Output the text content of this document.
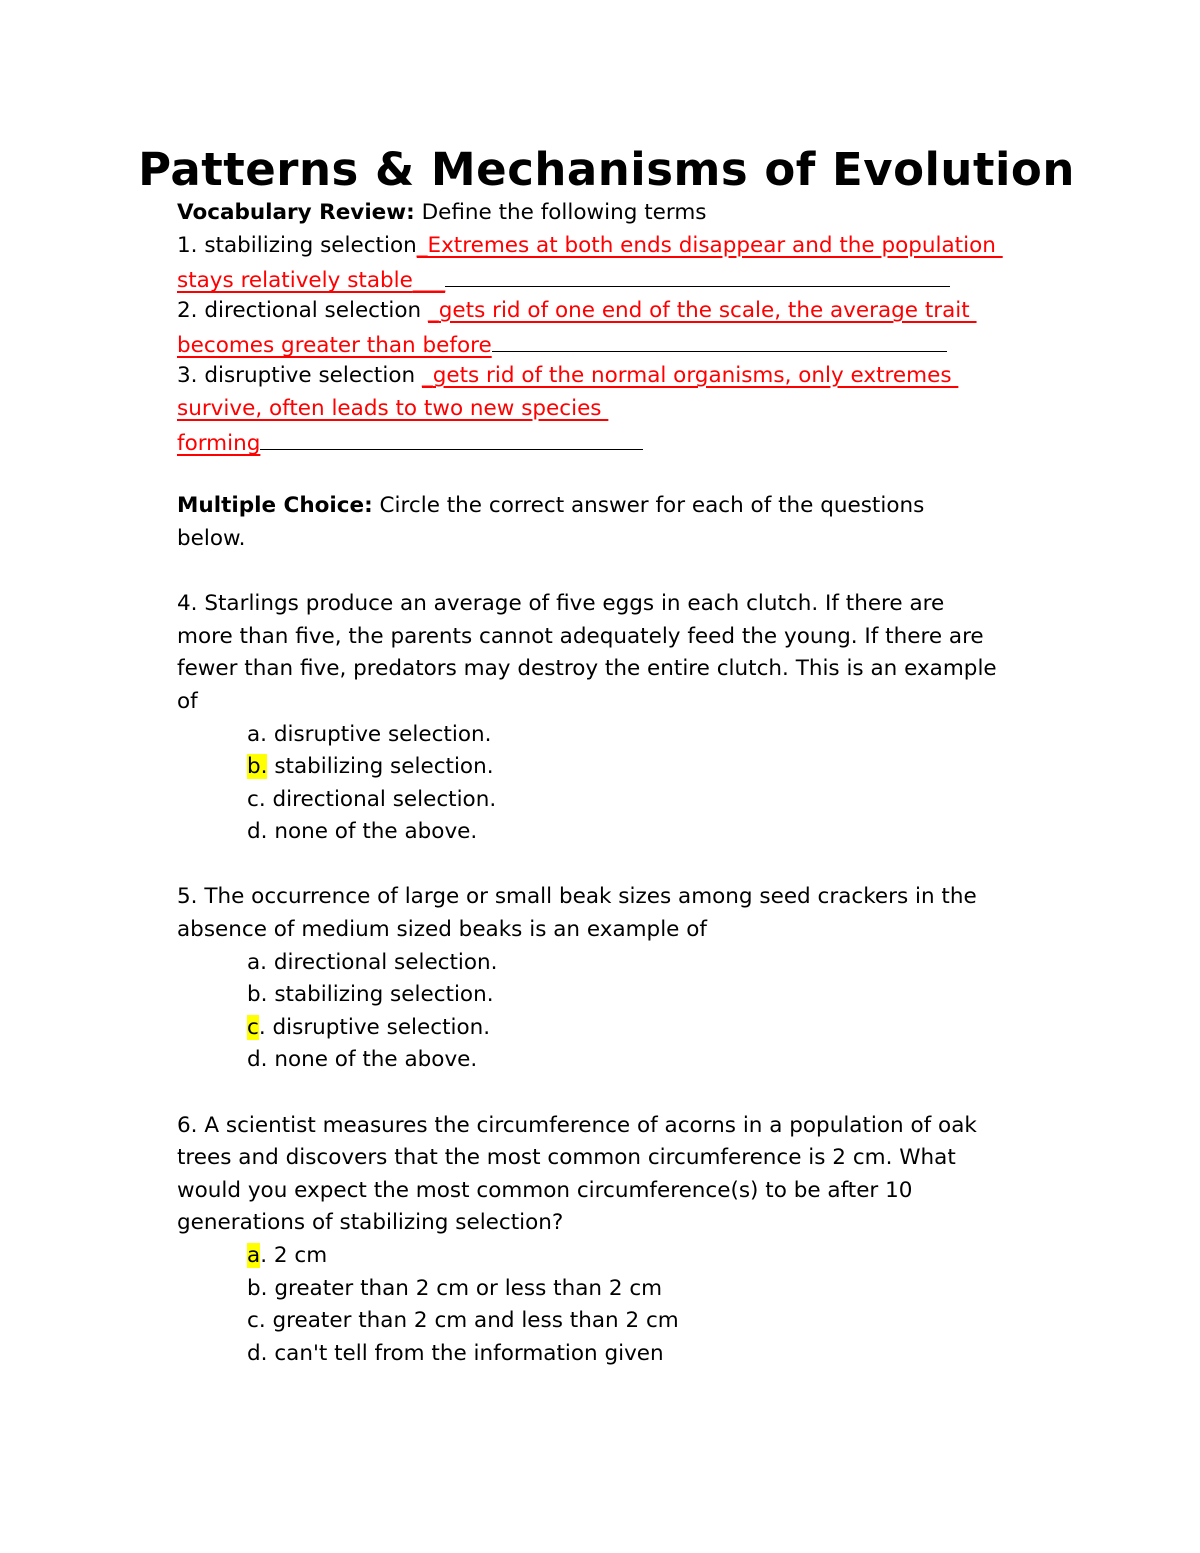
Patterns & Mechanisms of Evolution
Vocabulary Review: Define the following terms
1. stabilizing selection_Extremes at both ends disappear and the population
stays relatively stable___
2. directional selection _gets rid of one end of the scale, the average trait
becomes greater than before
3. disruptive selection _gets rid of the normal organisms, only extremes
survive, often leads to two new species
forming
Multiple Choice: Circle the correct answer for each of the questions
below.
4. Starlings produce an average of five eggs in each clutch. If there are
more than five, the parents cannot adequately feed the young. If there are
fewer than five, predators may destroy the entire clutch. This is an example
of
a. disruptive selection.
b. stabilizing selection.
c. directional selection.
d. none of the above.
5. The occurrence of large or small beak sizes among seed crackers in the
absence of medium sized beaks is an example of
a. directional selection.
b. stabilizing selection.
c. disruptive selection.
d. none of the above.
6. A scientist measures the circumference of acorns in a population of oak
trees and discovers that the most common circumference is 2 cm. What
would you expect the most common circumference(s) to be after 10
generations of stabilizing selection?
a. 2 cm
b. greater than 2 cm or less than 2 cm
c. greater than 2 cm and less than 2 cm
d. can't tell from the information given
